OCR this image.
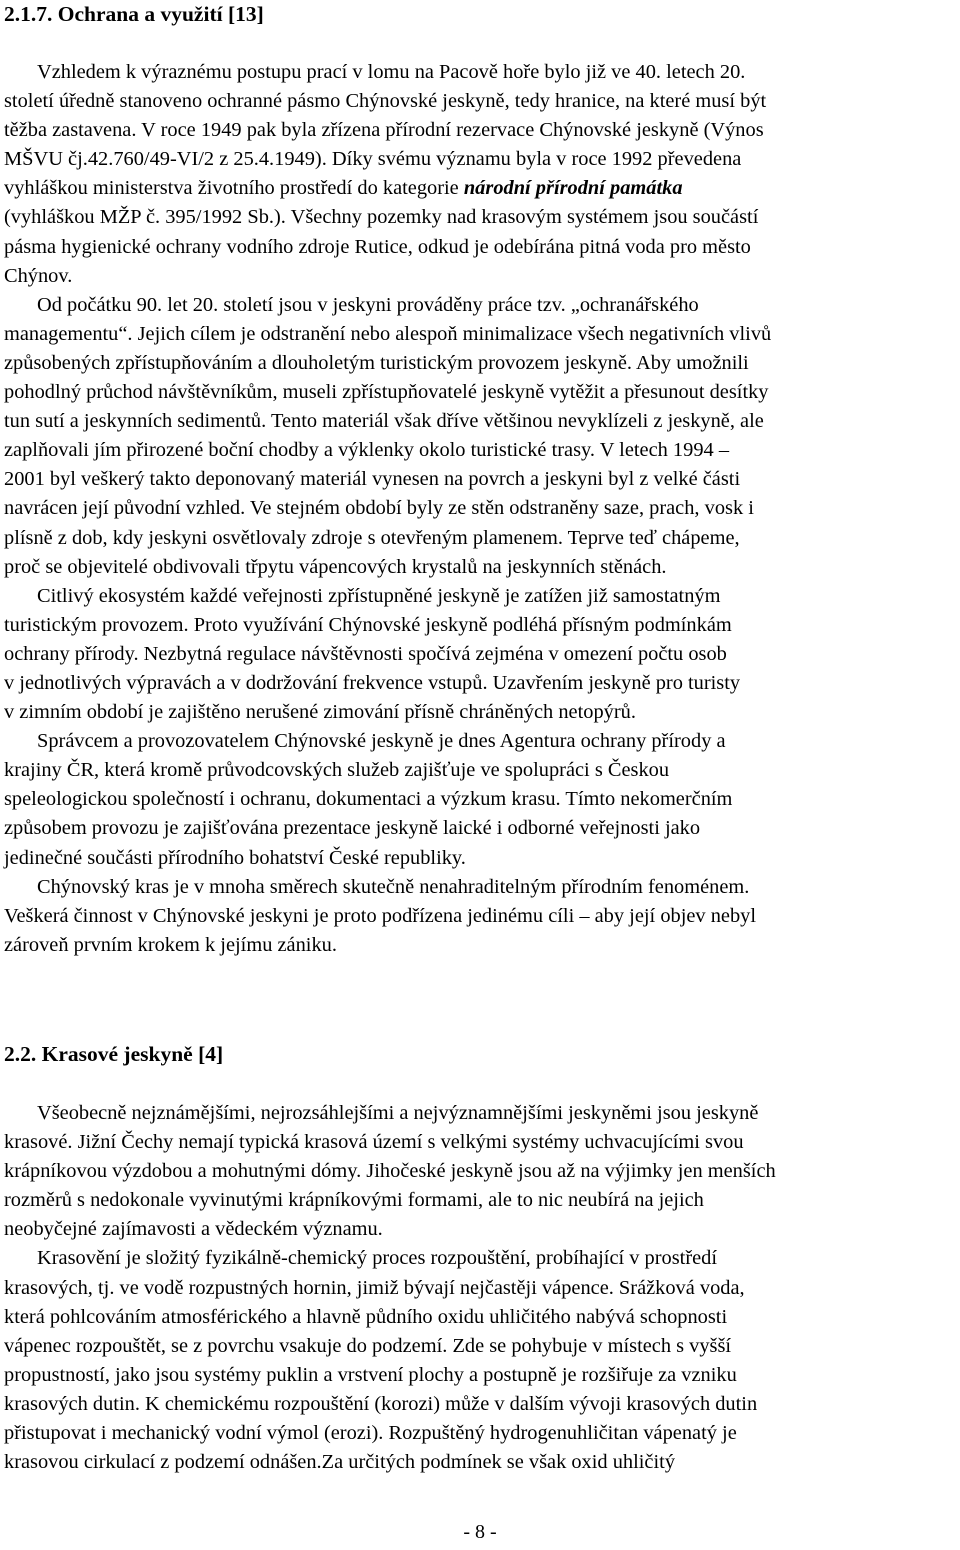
2.1.7. Ochrana a využití [13]
Vzhledem k výraznému postupu prací v lomu na Pacově hoře bylo již ve 40. letech 20.
století úředně stanoveno ochranné pásmo Chýnovské jeskyně, tedy hranice, na které musí být
těžba zastavena. V roce 1949 pak byla zřízena přírodní rezervace Chýnovské jeskyně (Výnos
MŠVU čj.42.760/49-VI/2 z 25.4.1949). Díky svému významu byla v roce 1992 převedena
vyhláškou ministerstva životního prostředí do kategorie národní přírodní památka
(vyhláškou MŽP č. 395/1992 Sb.). Všechny pozemky nad krasovým systémem jsou součástí
pásma hygienické ochrany vodního zdroje Rutice, odkud je odebírána pitná voda pro město
Chýnov.
Od počátku 90. let 20. století jsou v jeskyni prováděny práce tzv. „ochranářského
managementu“. Jejich cílem je odstranění nebo alespoň minimalizace všech negativních vlivů
způsobených zpřístupňováním a dlouholetým turistickým provozem jeskyně. Aby umožnili
pohodlný průchod návštěvníkům, museli zpřístupňovatelé jeskyně vytěžit a přesunout desítky
tun sutí a jeskynních sedimentů. Tento materiál však dříve většinou nevyklízeli z jeskyně, ale
zaplňovali jím přirozené boční chodby a výklenky okolo turistické trasy. V letech 1994 –
2001 byl veškerý takto deponovaný materiál vynesen na povrch a jeskyni byl z velké části
navrácen její původní vzhled. Ve stejném období byly ze stěn odstraněny saze, prach, vosk i
plísně z dob, kdy jeskyni osvětlovaly zdroje s otevřeným plamenem. Teprve teď chápeme,
proč se objevitelé obdivovali třpytu vápencových krystalů na jeskynních stěnách.
Citlivý ekosystém každé veřejnosti zpřístupněné jeskyně je zatížen již samostatným
turistickým provozem. Proto využívání Chýnovské jeskyně podléhá přísným podmínkám
ochrany přírody. Nezbytná regulace návštěvnosti spočívá zejména v omezení počtu osob
v jednotlivých výpravách a v dodržování frekvence vstupů. Uzavřením jeskyně pro turisty
v zimním období je zajištěno nerušené zimování přísně chráněných netopýrů.
Správcem a provozovatelem Chýnovské jeskyně je dnes Agentura ochrany přírody a
krajiny ČR, která kromě průvodcovských služeb zajišťuje ve spolupráci s Českou
speleologickou společností i ochranu, dokumentaci a výzkum krasu. Tímto nekomerčním
způsobem provozu je zajišťována prezentace jeskyně laické i odborné veřejnosti jako
jedinečné součásti přírodního bohatství České republiky.
Chýnovský kras je v mnoha směrech skutečně nenahraditelným přírodním fenoménem.
Veškerá činnost v Chýnovské jeskyni je proto podřízena jedinému cíli – aby její objev nebyl
zároveň prvním krokem k jejímu zániku.
2.2. Krasové jeskyně [4]
Všeobecně nejznámějšími, nejrozsáhlejšími a nejvýznamnějšími jeskyněmi jsou jeskyně
krasové. Jižní Čechy nemají typická krasová území s velkými systémy uchvacujícími svou
krápníkovou výzdobou a mohutnými dómy. Jihočeské jeskyně jsou až na výjimky jen menších
rozměrů s nedokonale vyvinutými krápníkovými formami, ale to nic neubírá na jejich
neobyčejné zajímavosti a vědeckém významu.
Krasovění je složitý fyzikálně-chemický proces rozpouštění, probíhající v prostředí
krasových, tj. ve vodě rozpustných hornin, jimiž bývají nejčastěji vápence. Srážková voda,
která pohlcováním atmosférického a hlavně půdního oxidu uhličitého nabývá schopnosti
vápenec rozpouštět, se z povrchu vsakuje do podzemí. Zde se pohybuje v místech s vyšší
propustností, jako jsou systémy puklin a vrstvení plochy a postupně je rozšiřuje za vzniku
krasových dutin. K chemickému rozpouštění (korozi) může v dalším vývoji krasových dutin
přistupovat i mechanický vodní výmol (erozi). Rozpuštěný hydrogenuhličitan vápenatý je
krasovou cirkulací z podzemí odnášen.Za určitých podmínek se však oxid uhličitý
- 8 -
